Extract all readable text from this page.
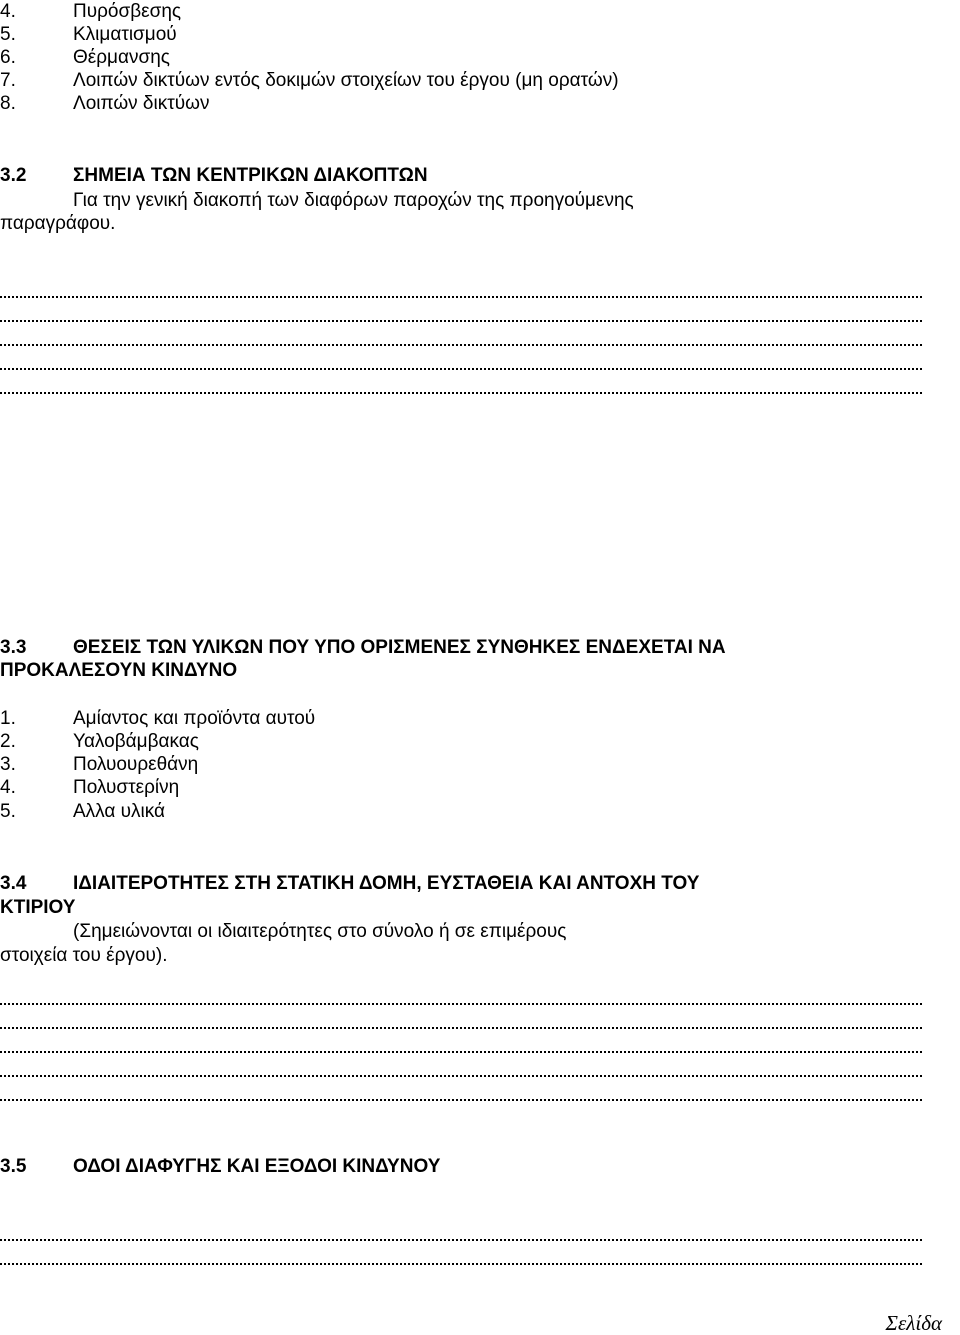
4.	Πυρόσβεσης
5.	Κλιματισμού
6.	Θέρμανσης
7.	Λοιπών δικτύων εντός δοκιμών στοιχείων του έργου (μη ορατών)
8.	Λοιπών δικτύων
3.2 ΣΗΜΕΙΑ ΤΩΝ ΚΕΝΤΡΙΚΩΝ ΔΙΑΚΟΠΤΩΝ
Για την γενική διακοπή των διαφόρων παροχών της προηγούμενης
παραγράφου.
3.3 ΘΕΣΕΙΣ ΤΩΝ ΥΛΙΚΩΝ ΠΟΥ ΥΠΟ ΟΡΙΣΜΕΝΕΣ ΣΥΝΘΗΚΕΣ ΕΝΔΕΧΕΤΑΙ ΝΑ
ΠΡΟΚΑΛΕΣΟΥΝ ΚΙΝΔΥΝΟ
1.	Αμίαντος και προϊόντα αυτού
2.	Υαλοβάμβακας
3.	Πολυουρεθάνη
4.	Πολυστερίνη
5.	Αλλα υλικά
3.4 ΙΔΙΑΙΤΕΡΟΤΗΤΕΣ ΣΤΗ ΣΤΑΤΙΚΗ ΔΟΜΗ, ΕΥΣΤΑΘΕΙΑ ΚΑΙ ΑΝΤΟΧΗ ΤΟΥ
ΚΤΙΡΙΟΥ
(Σημειώνονται οι ιδιαιτερότητες στο σύνολο ή σε επιμέρους
στοιχεία του έργου).
3.5 ΟΔΟΙ ΔΙΑΦΥΓΗΣ ΚΑΙ ΕΞΟΔΟΙ ΚΙΝΔΥΝΟΥ
Σελίδα
